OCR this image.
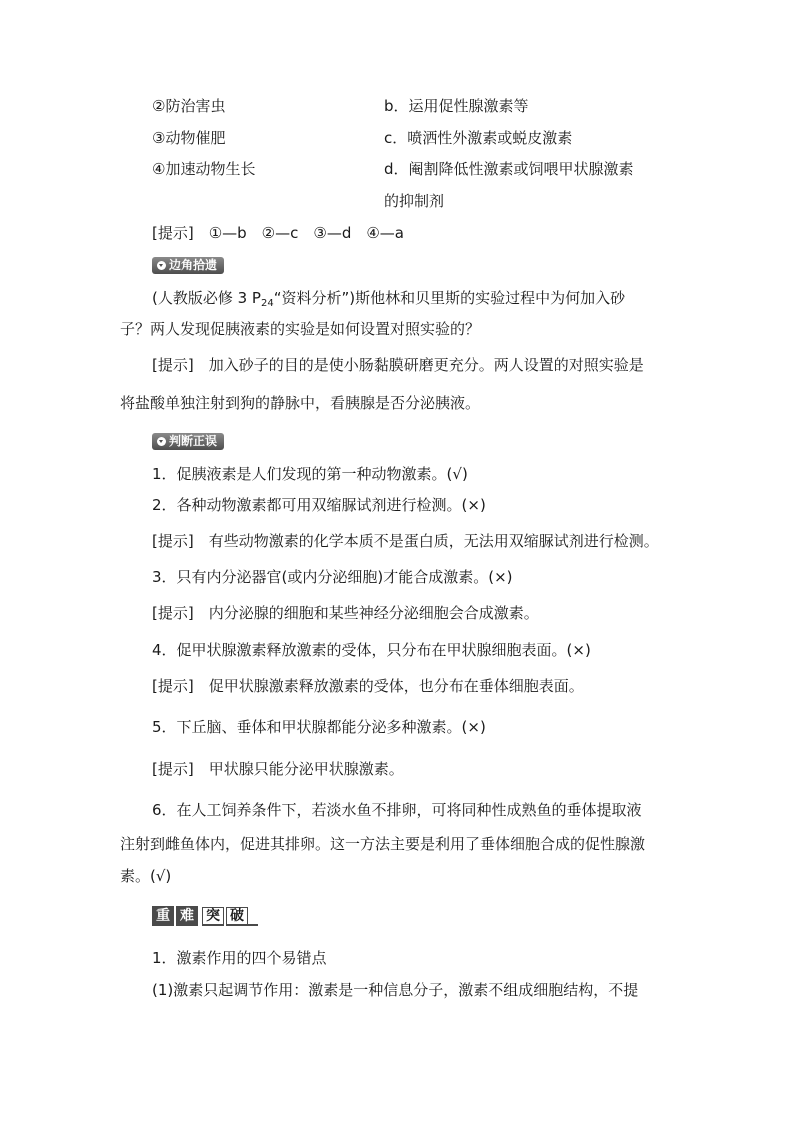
②防治害虫	b．运用促性腺激素等
③动物催肥	c．喷洒性外激素或蜕皮激素
④加速动物生长	d．阉割降低性激素或饲喂甲状腺激素
的抑制剂
[提示]　①—b　②—c　③—d　④—a
边角拾遗
(人教版必修 3 $P_{24}“$资料分析”)斯他林和贝里斯的实验过程中为何加入砂
子？两人发现促胰液素的实验是如何设置对照实验的？
[提示]　加入砂子的目的是使小肠黏膜研磨更充分。两人设置的对照实验是
将盐酸单独注射到狗的静脉中，看胰腺是否分泌胰液。
判断正误
1．促胰液素是人们发现的第一种动物激素。(√)
2．各种动物激素都可用双缩脲试剂进行检测。(×)
[提示]　有些动物激素的化学本质不是蛋白质，无法用双缩脲试剂进行检测。
3．只有内分泌器官(或内分泌细胞)才能合成激素。(×)
[提示]　内分泌腺的细胞和某些神经分泌细胞会合成激素。
4．促甲状腺激素释放激素的受体，只分布在甲状腺细胞表面。(×)
[提示]　促甲状腺激素释放激素的受体，也分布在垂体细胞表面。
5．下丘脑、垂体和甲状腺都能分泌多种激素。(×)
[提示]　甲状腺只能分泌甲状腺激素。
6．在人工饲养条件下，若淡水鱼不排卵，可将同种性成熟鱼的垂体提取液
注射到雌鱼体内，促进其排卵。这一方法主要是利用了垂体细胞合成的促性腺激
素。(√)
重 难 突 破
1．激素作用的四个易错点
(1)激素只起调节作用：激素是一种信息分子，激素不组成细胞结构，不提
